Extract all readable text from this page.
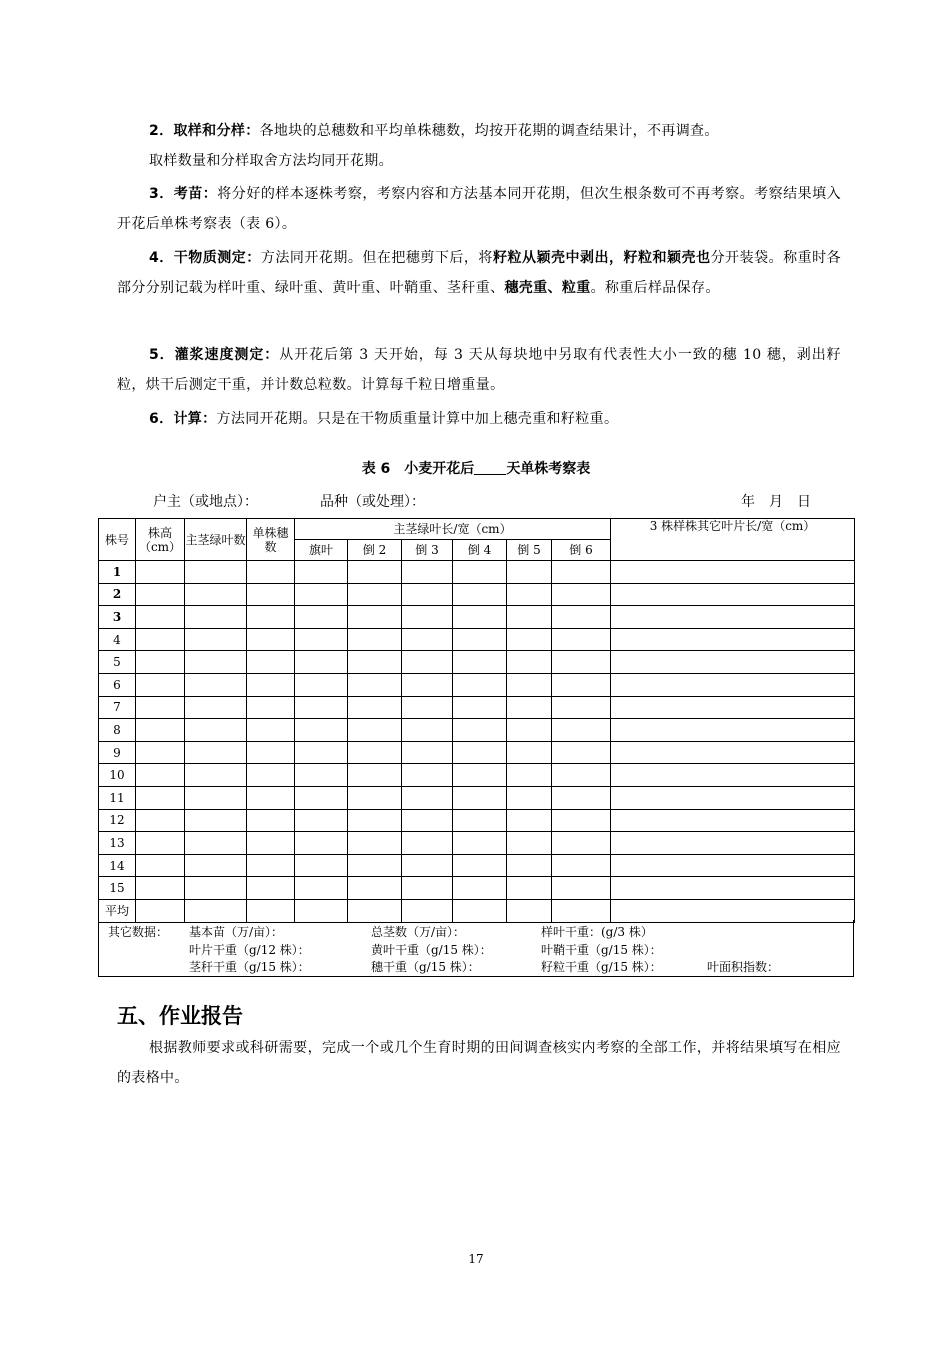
2．取样和分样：各地块的总穗数和平均单株穗数，均按开花期的调查结果计，不再调查。
取样数量和分样取舍方法均同开花期。
3．考苗：将分好的样本逐株考察，考察内容和方法基本同开花期，但次生根条数可不再考察。考察结果填入开花后单株考察表（表 6）。
4．干物质测定：方法同开花期。但在把穗剪下后，将籽粒从颖壳中剥出，籽粒和颖壳也分开装袋。称重时各部分分别记载为样叶重、绿叶重、黄叶重、叶鞘重、茎秆重、穗壳重、粒重。称重后样品保存。
5．灌浆速度测定：从开花后第 3 天开始，每 3 天从每块地中另取有代表性大小一致的穗 10 穗，剥出籽粒，烘干后测定干重，并计数总粒数。计算每千粒日增重量。
6．计算：方法同开花期。只是在干物质重量计算中加上穗壳重和籽粒重。
表 6　小麦开花后 天单株考察表
户主（或地点）：	品种（或处理）：	年　月　日
株号	株高（cm）	主茎绿叶数	单株穗数	主茎绿叶长/宽（cm）						3 株样株其它叶片长/宽（cm）
				旗叶	倒 2	倒 3	倒 4	倒 5	倒 6	
1										
2										
3										
4										
5										
6										
7										
8										
9										
10										
11										
12										
13										
14										
15										
平均										
其它数据： 基本苗（万/亩）：	总茎数（万/亩）：	样叶干重：(g/3 株）
叶片干重（g/12 株）：	黄叶干重（g/15 株）：	叶鞘干重（g/15 株）：
茎秆干重（g/15 株）：	穗干重（g/15 株）：	籽粒干重（g/15 株）：	叶面积指数：
五、作业报告
根据教师要求或科研需要，完成一个或几个生育时期的田间调查核实内考察的全部工作，并将结果填写在相应的表格中。
17
